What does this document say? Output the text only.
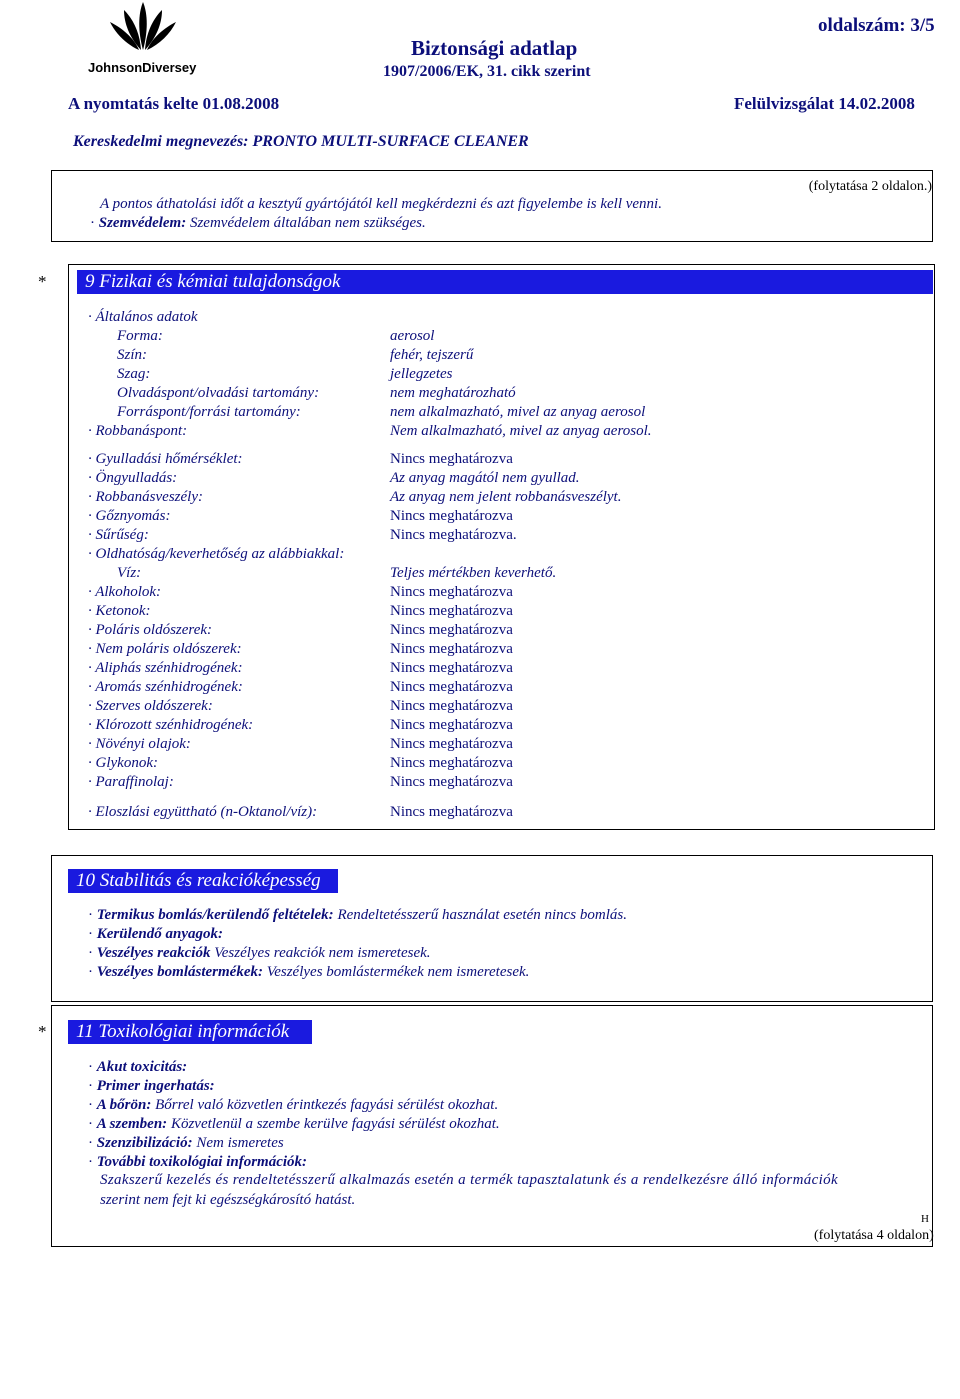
JohnsonDiversey
Biztonsági adatlap
1907/2006/EK, 31. cikk szerint
oldalszám: 3/5
A nyomtatás kelte 01.08.2008	Felülvizsgálat 14.02.2008
Kereskedelmi megnevezés: PRONTO MULTI-SURFACE CLEANER
(folytatása 2 oldalon.)
A pontos áthatolási időt a kesztyű gyártójától kell megkérdezni és azt figyelembe is kell venni.
· Szemvédelem: Szemvédelem általában nem szükséges.
*	9 Fizikai és kémiai tulajdonságok
· Általános adatok
Forma:	aerosol
Szín:	fehér, tejszerű
Szag:	jellegzetes
Olvadáspont/olvadási tartomány:	nem meghatározható
Forráspont/forrási tartomány:	nem alkalmazható, mivel az anyag aerosol
· Robbanáspont:	Nem alkalmazható, mivel az anyag aerosol.
· Gyulladási hőmérséklet:	Nincs meghatározva
· Öngyulladás:	Az anyag magától nem gyullad.
· Robbanásveszély:	Az anyag nem jelent robbanásveszélyt.
· Gőznyomás:	Nincs meghatározva
· Sűrűség:	Nincs meghatározva.
· Oldhatóság/keverhetőség az alábbiakkal:
Víz:	Teljes mértékben keverhető.
· Alkoholok:	Nincs meghatározva
· Ketonok:	Nincs meghatározva
· Poláris oldószerek:	Nincs meghatározva
· Nem poláris oldószerek:	Nincs meghatározva
· Aliphás szénhidrogének:	Nincs meghatározva
· Aromás szénhidrogének:	Nincs meghatározva
· Szerves oldószerek:	Nincs meghatározva
· Klórozott szénhidrogének:	Nincs meghatározva
· Növényi olajok:	Nincs meghatározva
· Glykonok:	Nincs meghatározva
· Paraffinolaj:	Nincs meghatározva
· Eloszlási együttható (n-Oktanol/víz):	Nincs meghatározva
10 Stabilitás és reakcióképesség
· Termikus bomlás/kerülendő feltételek: Rendeltetésszerű használat esetén nincs bomlás.
· Kerülendő anyagok:
· Veszélyes reakciók Veszélyes reakciók nem ismeretesek.
· Veszélyes bomlástermékek: Veszélyes bomlástermékek nem ismeretesek.
*	11 Toxikológiai információk
· Akut toxicitás:
· Primer ingerhatás:
· A bőrön: Bőrrel való közvetlen érintkezés fagyási sérülést okozhat.
· A szemben: Közvetlenül a szembe kerülve fagyási sérülést okozhat.
· Szenzibilizáció: Nem ismeretes
· További toxikológiai információk:
Szakszerű kezelés és rendeltetésszerű alkalmazás esetén a termék tapasztalatunk és a rendelkezésre álló információk
szerint nem fejt ki egészségkárosító hatást.
H
(folytatása 4 oldalon)
